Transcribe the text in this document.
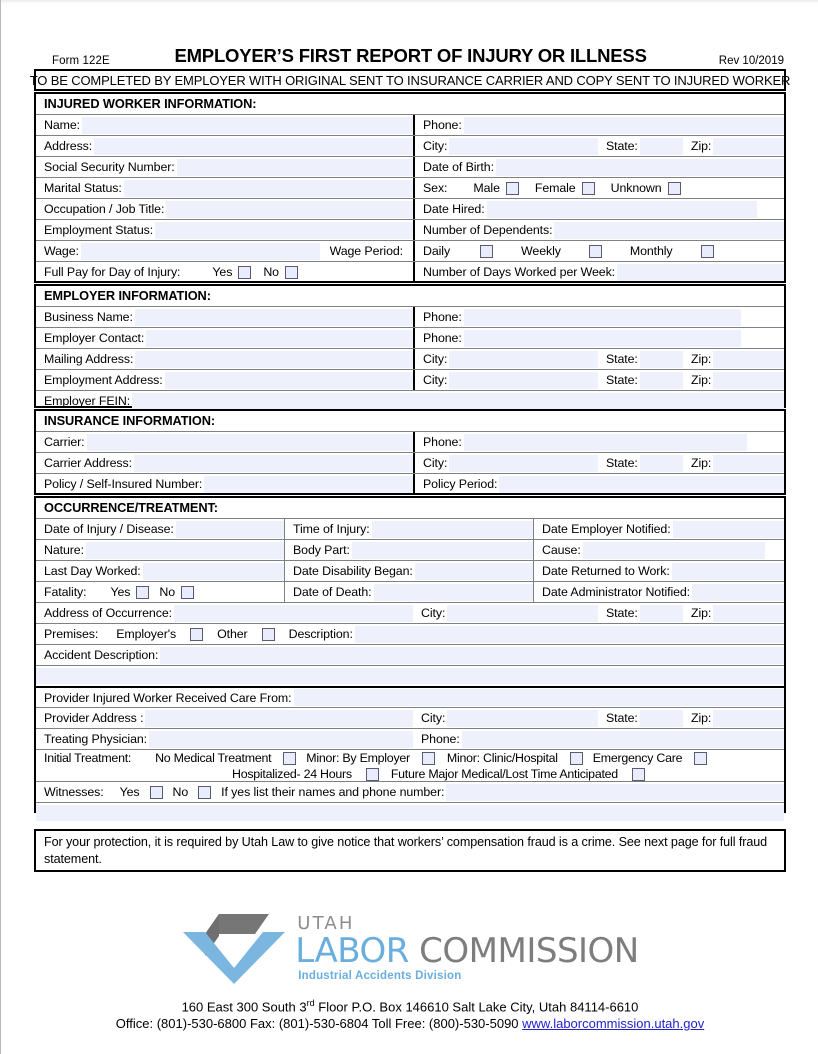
Form 122E	EMPLOYER’S FIRST REPORT OF INJURY OR ILLNESS	Rev 10/2019
TO BE COMPLETED BY EMPLOYER WITH ORIGINAL SENT TO INSURANCE CARRIER AND COPY SENT TO INJURED WORKER
INJURED WORKER INFORMATION:
Name:	Phone:
Address:	City:	State:	Zip:
Social Security Number:	Date of Birth:
Marital Status:	Sex: Male	Female	Unknown
Occupation / Job Title:	Date Hired:
Employment Status:	Number of Dependents:
Wage:	Wage Period:	Daily	Weekly	Monthly
Full Pay for Day of Injury:	Yes	No	Number of Days Worked per Week:
EMPLOYER INFORMATION:
Business Name:	Phone:
Employer Contact:	Phone:
Mailing Address:	City:	State:	Zip:
Employment Address:	City:	State:	Zip:
Employer FEIN:
INSURANCE INFORMATION:
Carrier:	Phone:
Carrier Address:	City:	State:	Zip:
Policy / Self-Insured Number:	Policy Period:
OCCURRENCE/TREATMENT:
Date of Injury / Disease:	Time of Injury:	Date Employer Notified:
Nature:	Body Part:	Cause:
Last Day Worked:	Date Disability Began:	Date Returned to Work:
Fatality: Yes No	Date of Death:	Date Administrator Notified:
Address of Occurrence:	City:	State:	Zip:
Premises: Employer's	Other	Description:
Accident Description:
Provider Injured Worker Received Care From:
Provider Address :	City:	State:	Zip:
Treating Physician:	Phone:
Initial Treatment: No Medical Treatment	Minor: By Employer	Minor: Clinic/Hospital	Emergency Care
Hospitalized- 24 Hours	Future Major Medical/Lost Time Anticipated
Witnesses: Yes	No	If yes list their names and phone number:
For your protection, it is required by Utah Law to give notice that workers’ compensation fraud is a crime. See next page for full fraud statement.
UTAH
LABOR COMMISSION
Industrial Accidents Division
160 East 300 South 3rd Floor P.O. Box 146610 Salt Lake City, Utah 84114-6610
Office: (801)-530-6800 Fax: (801)-530-6804 Toll Free: (800)-530-5090 www.laborcommission.utah.gov
